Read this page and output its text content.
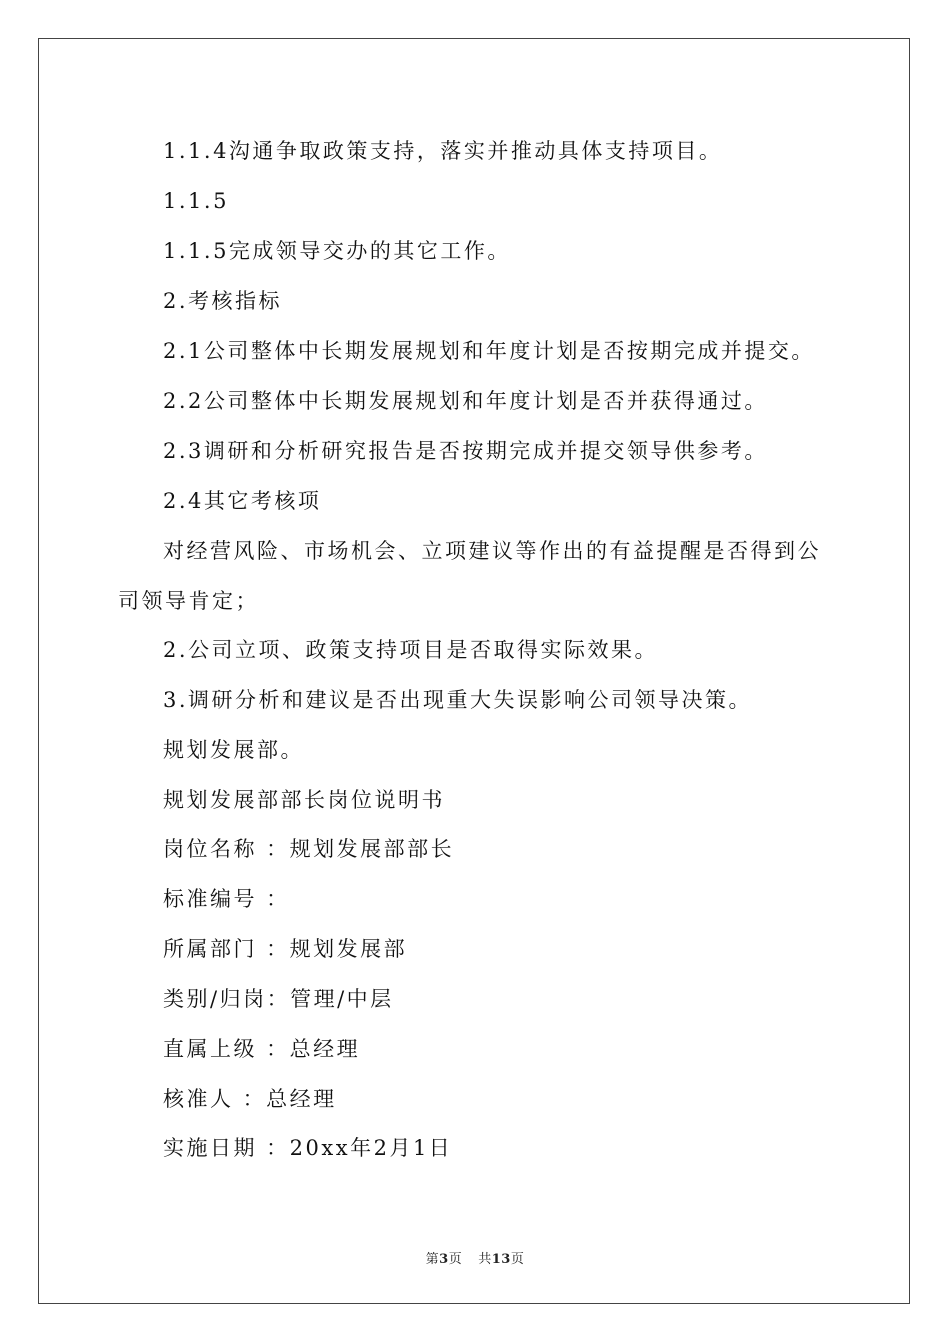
1.1.4沟通争取政策支持，落实并推动具体支持项目。
1.1.5
1.1.5完成领导交办的其它工作。
2.考核指标
2.1公司整体中长期发展规划和年度计划是否按期完成并提交。
2.2公司整体中长期发展规划和年度计划是否并获得通过。
2.3调研和分析研究报告是否按期完成并提交领导供参考。
2.4其它考核项
对经营风险、市场机会、立项建议等作出的有益提醒是否得到公
司领导肯定；
2.公司立项、政策支持项目是否取得实际效果。
3.调研分析和建议是否出现重大失误影响公司领导决策。
规划发展部。
规划发展部部长岗位说明书
岗位名称 ：规划发展部部长
标准编号 ：
所属部门 ：规划发展部
类别/归岗：管理/中层
直属上级 ：总经理
核准人 ：总经理
实施日期 ：20xx年2月1日
第3页 共13页
